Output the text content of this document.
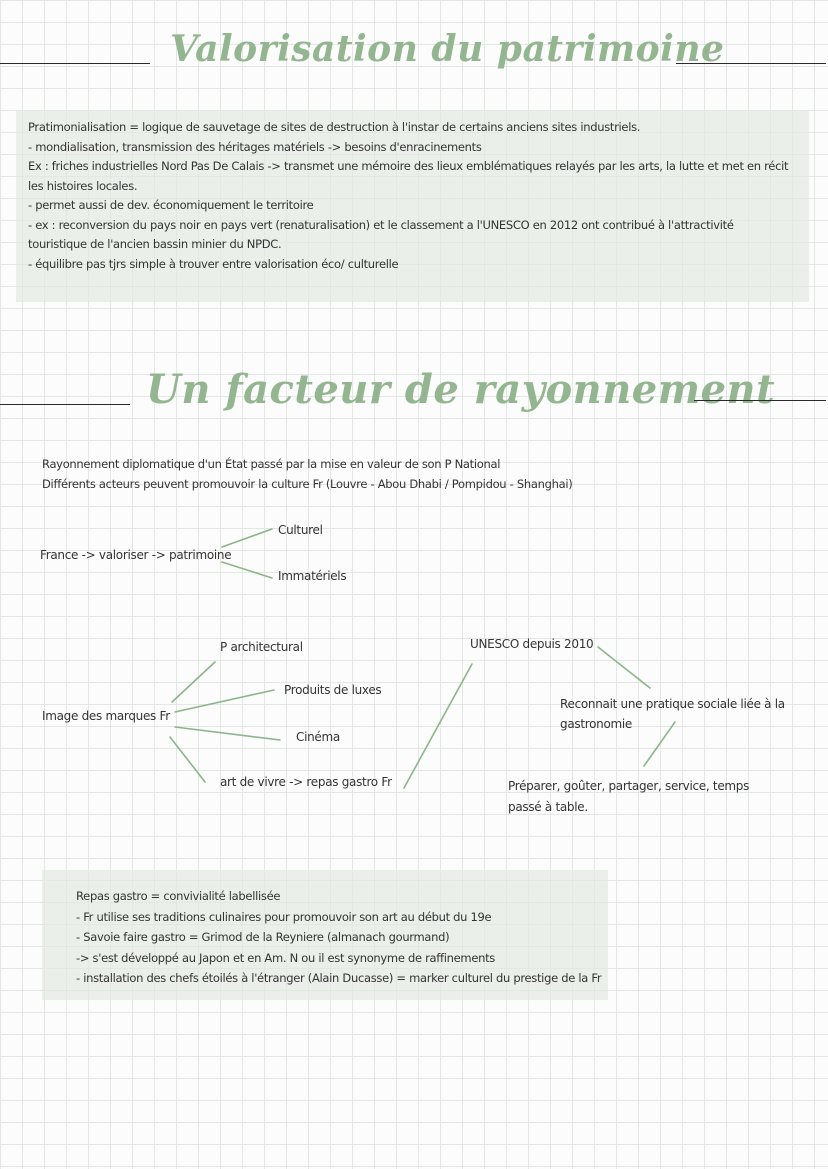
Valorisation du patrimoine
Pratimonialisation = logique de sauvetage de sites de destruction à l'instar de certains anciens sites industriels.
- mondialisation, transmission des héritages matériels -> besoins d'enracinements
Ex : friches industrielles Nord Pas De Calais -> transmet une mémoire des lieux emblématiques relayés par les arts, la lutte et met en récit
les histoires locales.
- permet aussi de dev. économiquement le territoire
- ex : reconversion du pays noir en pays vert (renaturalisation) et le classement a l'UNESCO en 2012 ont contribué à l'attractivité
touristique de l'ancien bassin minier du NPDC.
- équilibre pas tjrs simple à trouver entre valorisation éco/ culturelle
Un facteur de rayonnement
Rayonnement diplomatique d'un État passé par la mise en valeur de son P National
Différents acteurs peuvent promouvoir la culture Fr (Louvre - Abou Dhabi / Pompidou - Shanghai)
France -> valoriser -> patrimoine
Culturel
Immatériels
Image des marques Fr
P architectural
Produits de luxes
Cinéma
art de vivre -> repas gastro Fr
UNESCO depuis 2010
Reconnait une pratique sociale liée à la
gastronomie
Préparer, goûter, partager, service, temps
passé à table.
Repas gastro = convivialité labellisée
- Fr utilise ses traditions culinaires pour promouvoir son art au début du 19e
- Savoie faire gastro = Grimod de la Reyniere (almanach gourmand)
-> s'est développé au Japon et en Am. N ou il est synonyme de raffinements
- installation des chefs étoilés à l'étranger (Alain Ducasse) = marker culturel du prestige de la Fr
